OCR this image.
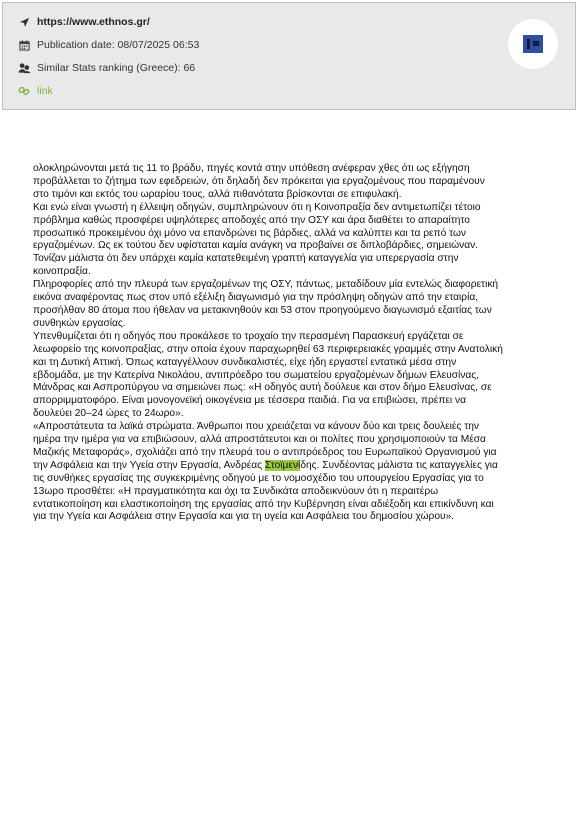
https://www.ethnos.gr/
Publication date: 08/07/2025 06:53
Similar Stats ranking (Greece): 66
link

ολοκληρώνονται μετά τις 11 το βράδυ, πηγές κοντά στην υπόθεση ανέφεραν χθες ότι ως εξήγηση προβάλλεται το ζήτημα των εφεδρειών, ότι δηλαδή δεν πρόκειται για εργαζομένους που παραμένουν στο τιμόνι και εκτός του ωραρίου τους, αλλά πιθανότατα βρίσκονται σε επιφυλακή.

Και ενώ είναι γνωστή η έλλειψη οδηγών, συμπληρώνουν ότι η Κοινοπραξία δεν αντιμετωπίζει τέτοιο πρόβλημα καθώς προσφέρει υψηλότερες αποδοχές από την ΟΣΥ και άρα διαθέτει το απαραίτητο προσωπικό προκειμένου όχι μόνο να επανδρώνει τις βάρδιες, αλλά να καλύπτει και τα ρεπό των εργαζομένων. Ως εκ τούτου δεν υφίσταται καμία ανάγκη να προβαίνει σε διπλοβάρδιες, σημειώναν. Τονίζαν μάλιστα ότι δεν υπάρχει καμία κατατεθειμένη γραπτή καταγγελία για υπερεργασία στην κοινοπραξία.

Πληροφορίες από την πλευρά των εργαζομένων της ΟΣΥ, πάντως, μεταδίδουν μία εντελώς διαφορετική εικόνα αναφέροντας πως στον υπό εξέλιξη διαγωνισμό για την πρόσληψη οδηγών από την εταιρία, προσήλθαν 80 άτομα που ήθελαν να μετακινηθούν και 53 στον προηγούμενο διαγωνισμό εξαιτίας των συνθηκών εργασίας.

Υπενθυμίζεται ότι η οδηγός που προκάλεσε το τροχαίο την περασμένη Παρασκευή εργάζεται σε λεωφορείο της κοινοπραξίας, στην οποία έχουν παραχωρηθεί 63 περιφερειακές γραμμές στην Ανατολική και τη Δυτική Αττική. Όπως καταγγέλλουν συνδικαλιστές, είχε ήδη εργαστεί εντατικά μέσα στην εβδομάδα, με την Κατερίνα Νικολάου, αντιπρόεδρο του σωματείου εργαζομένων δήμων Ελευσίνας, Μάνδρας και Ασπροπύργου να σημειώνει πως: «Η οδηγός αυτή δούλευε και στον δήμο Ελευσίνας, σε απορριμματοφόρο. Είναι μονογονεϊκή οικογένεια με τέσσερα παιδιά. Για να επιβιώσει, πρέπει να δουλεύει 20–24 ώρες το 24ωρο».

«Απροστάτευτα τα λαϊκά στρώματα. Άνθρωποι που χρειάζεται να κάνουν δύο και τρεις δουλειές την ημέρα την ημέρα για να επιβιώσουν, αλλά απροστάτευτοι και οι πολίτες που χρησιμοποιούν τα Μέσα Μαζικής Μεταφοράς», σχολιάζει από την πλευρά του ο αντιπρόεδρος του Ευρωπαϊκού Οργανισμού για την Ασφάλεια και την Υγεία στην Εργασία, Ανδρέας Στοϊμενίδης. Συνδέοντας μάλιστα τις καταγγελίες για τις συνθήκες εργασίας της συγκεκριμένης οδηγού με το νομοσχέδιο του υπουργείου Εργασίας για το 13ωρο προσθέτει: «Η πραγματικότητα και όχι τα Συνδικάτα αποδεικνύουν ότι η περαιτέρω εντατικοποίηση και ελαστικοποίηση της εργασίας από την Κυβέρνηση είναι αδιέξοδη και επικίνδυνη και για την Υγεία και Ασφάλεια στην Εργασία και για τη υγεία και Ασφάλεια του δημοσίου χώρου».
